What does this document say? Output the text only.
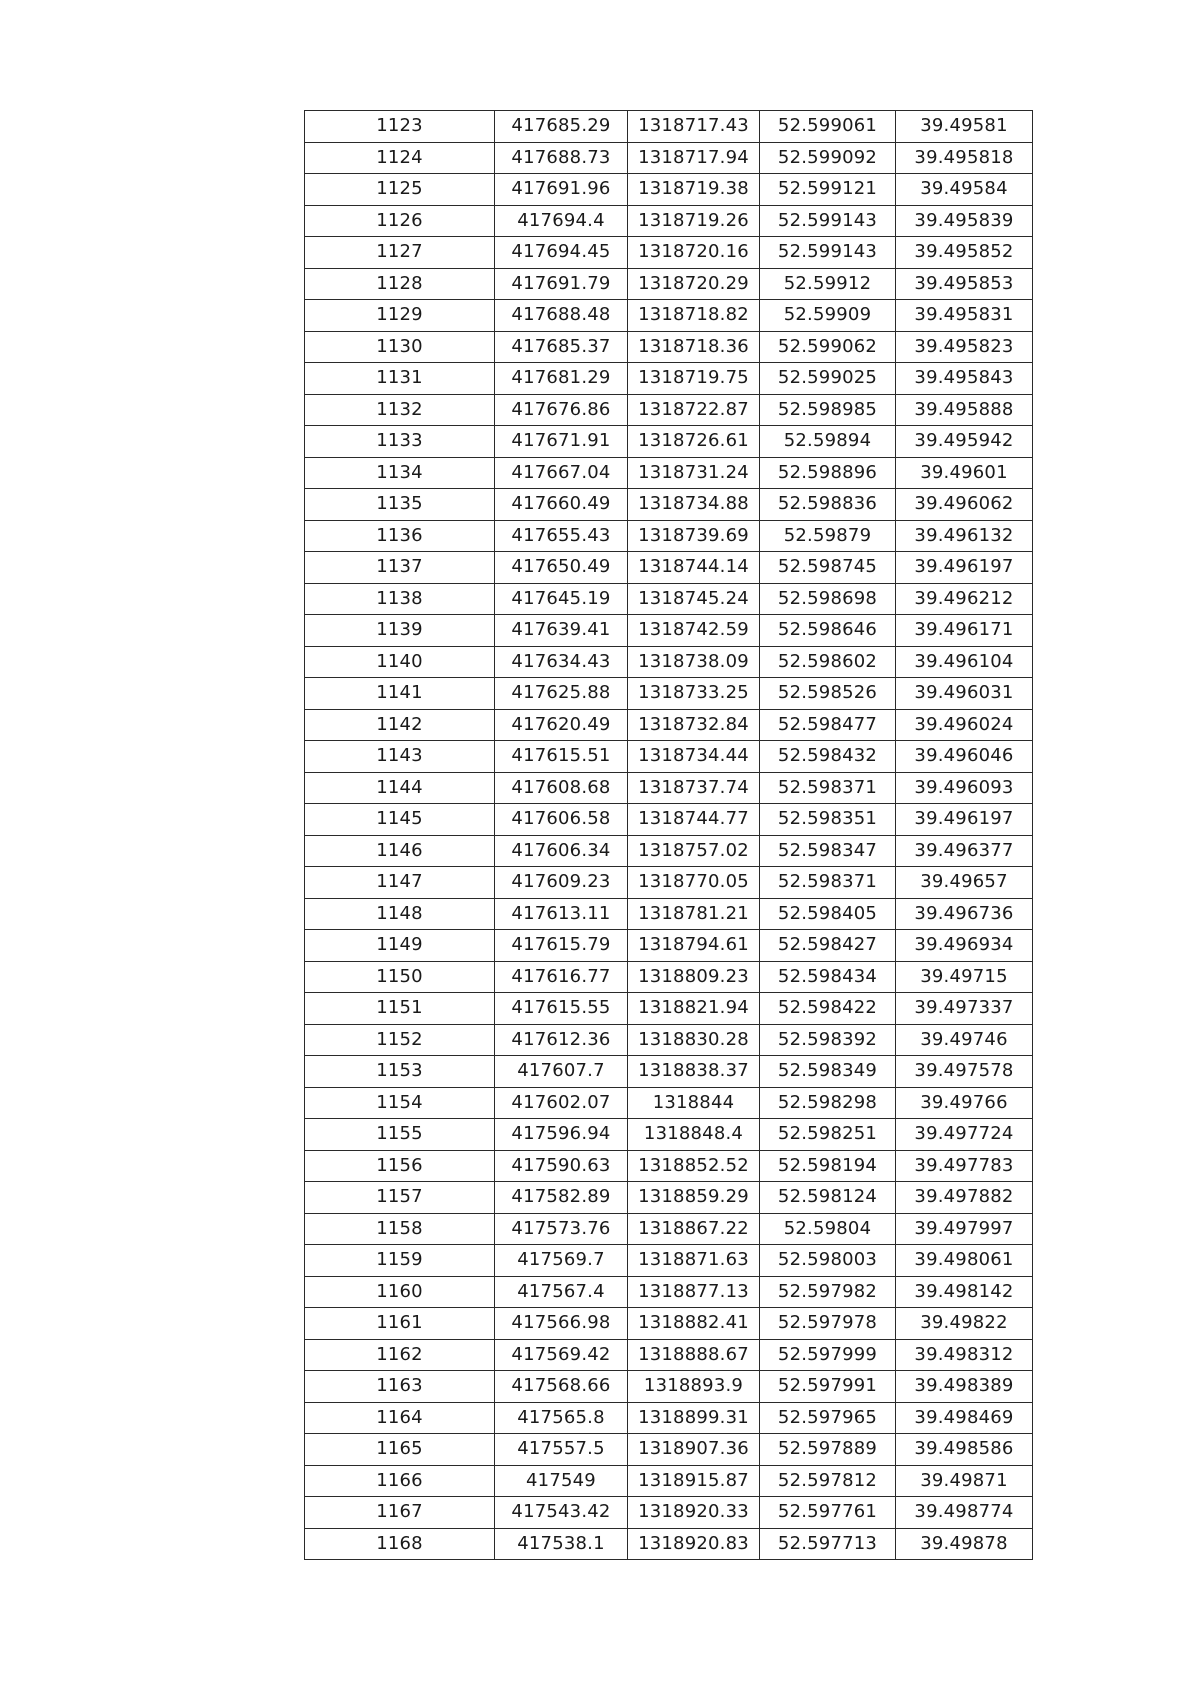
1123	417685.29	1318717.43	52.599061	39.49581
1124	417688.73	1318717.94	52.599092	39.495818
1125	417691.96	1318719.38	52.599121	39.49584
1126	417694.4	1318719.26	52.599143	39.495839
1127	417694.45	1318720.16	52.599143	39.495852
1128	417691.79	1318720.29	52.59912	39.495853
1129	417688.48	1318718.82	52.59909	39.495831
1130	417685.37	1318718.36	52.599062	39.495823
1131	417681.29	1318719.75	52.599025	39.495843
1132	417676.86	1318722.87	52.598985	39.495888
1133	417671.91	1318726.61	52.59894	39.495942
1134	417667.04	1318731.24	52.598896	39.49601
1135	417660.49	1318734.88	52.598836	39.496062
1136	417655.43	1318739.69	52.59879	39.496132
1137	417650.49	1318744.14	52.598745	39.496197
1138	417645.19	1318745.24	52.598698	39.496212
1139	417639.41	1318742.59	52.598646	39.496171
1140	417634.43	1318738.09	52.598602	39.496104
1141	417625.88	1318733.25	52.598526	39.496031
1142	417620.49	1318732.84	52.598477	39.496024
1143	417615.51	1318734.44	52.598432	39.496046
1144	417608.68	1318737.74	52.598371	39.496093
1145	417606.58	1318744.77	52.598351	39.496197
1146	417606.34	1318757.02	52.598347	39.496377
1147	417609.23	1318770.05	52.598371	39.49657
1148	417613.11	1318781.21	52.598405	39.496736
1149	417615.79	1318794.61	52.598427	39.496934
1150	417616.77	1318809.23	52.598434	39.49715
1151	417615.55	1318821.94	52.598422	39.497337
1152	417612.36	1318830.28	52.598392	39.49746
1153	417607.7	1318838.37	52.598349	39.497578
1154	417602.07	1318844	52.598298	39.49766
1155	417596.94	1318848.4	52.598251	39.497724
1156	417590.63	1318852.52	52.598194	39.497783
1157	417582.89	1318859.29	52.598124	39.497882
1158	417573.76	1318867.22	52.59804	39.497997
1159	417569.7	1318871.63	52.598003	39.498061
1160	417567.4	1318877.13	52.597982	39.498142
1161	417566.98	1318882.41	52.597978	39.49822
1162	417569.42	1318888.67	52.597999	39.498312
1163	417568.66	1318893.9	52.597991	39.498389
1164	417565.8	1318899.31	52.597965	39.498469
1165	417557.5	1318907.36	52.597889	39.498586
1166	417549	1318915.87	52.597812	39.49871
1167	417543.42	1318920.33	52.597761	39.498774
1168	417538.1	1318920.83	52.597713	39.49878
